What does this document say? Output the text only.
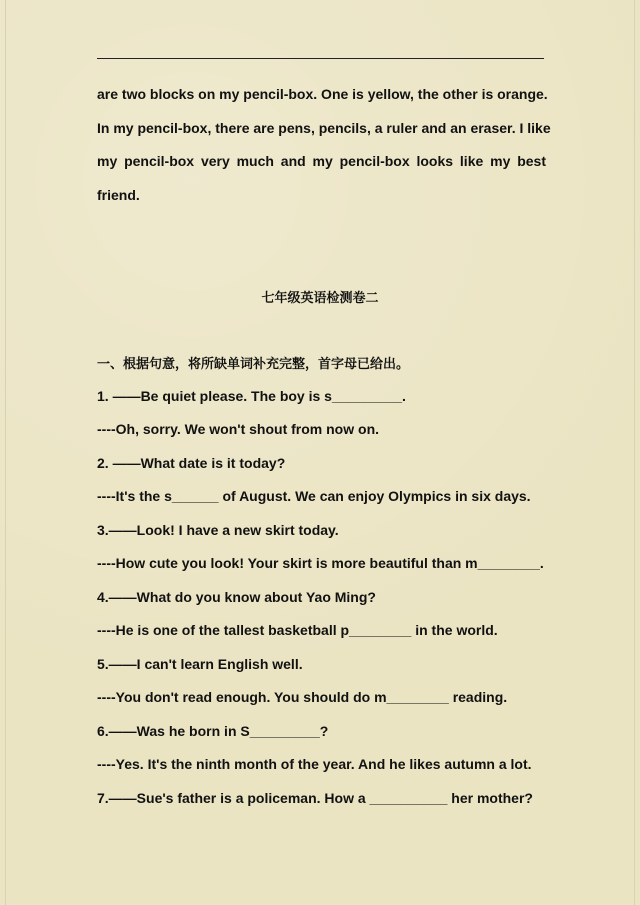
are two blocks on my pencil-box. One is yellow, the other is orange.
In my pencil-box, there are pens, pencils, a ruler and an eraser. I like
my pencil-box very much and my pencil-box looks like my best
friend.
七年级英语检测卷二
一、根据句意，将所缺单词补充完整，首字母已给出。
1. ——Be quiet please. The boy is s_________.
----Oh, sorry. We won't shout from now on.
2. ——What date is it today?
----It's the s______ of August. We can enjoy Olympics in six days.
3.——Look! I have a new skirt today.
----How cute you look! Your skirt is more beautiful than m________.
4.——What do you know about Yao Ming?
----He is one of the tallest basketball p________ in the world.
5.——I can't learn English well.
----You don't read enough. You should do m________ reading.
6.——Was he born in S_________?
----Yes. It's the ninth month of the year. And he likes autumn a lot.
7.——Sue's father is a policeman. How a __________ her mother?
